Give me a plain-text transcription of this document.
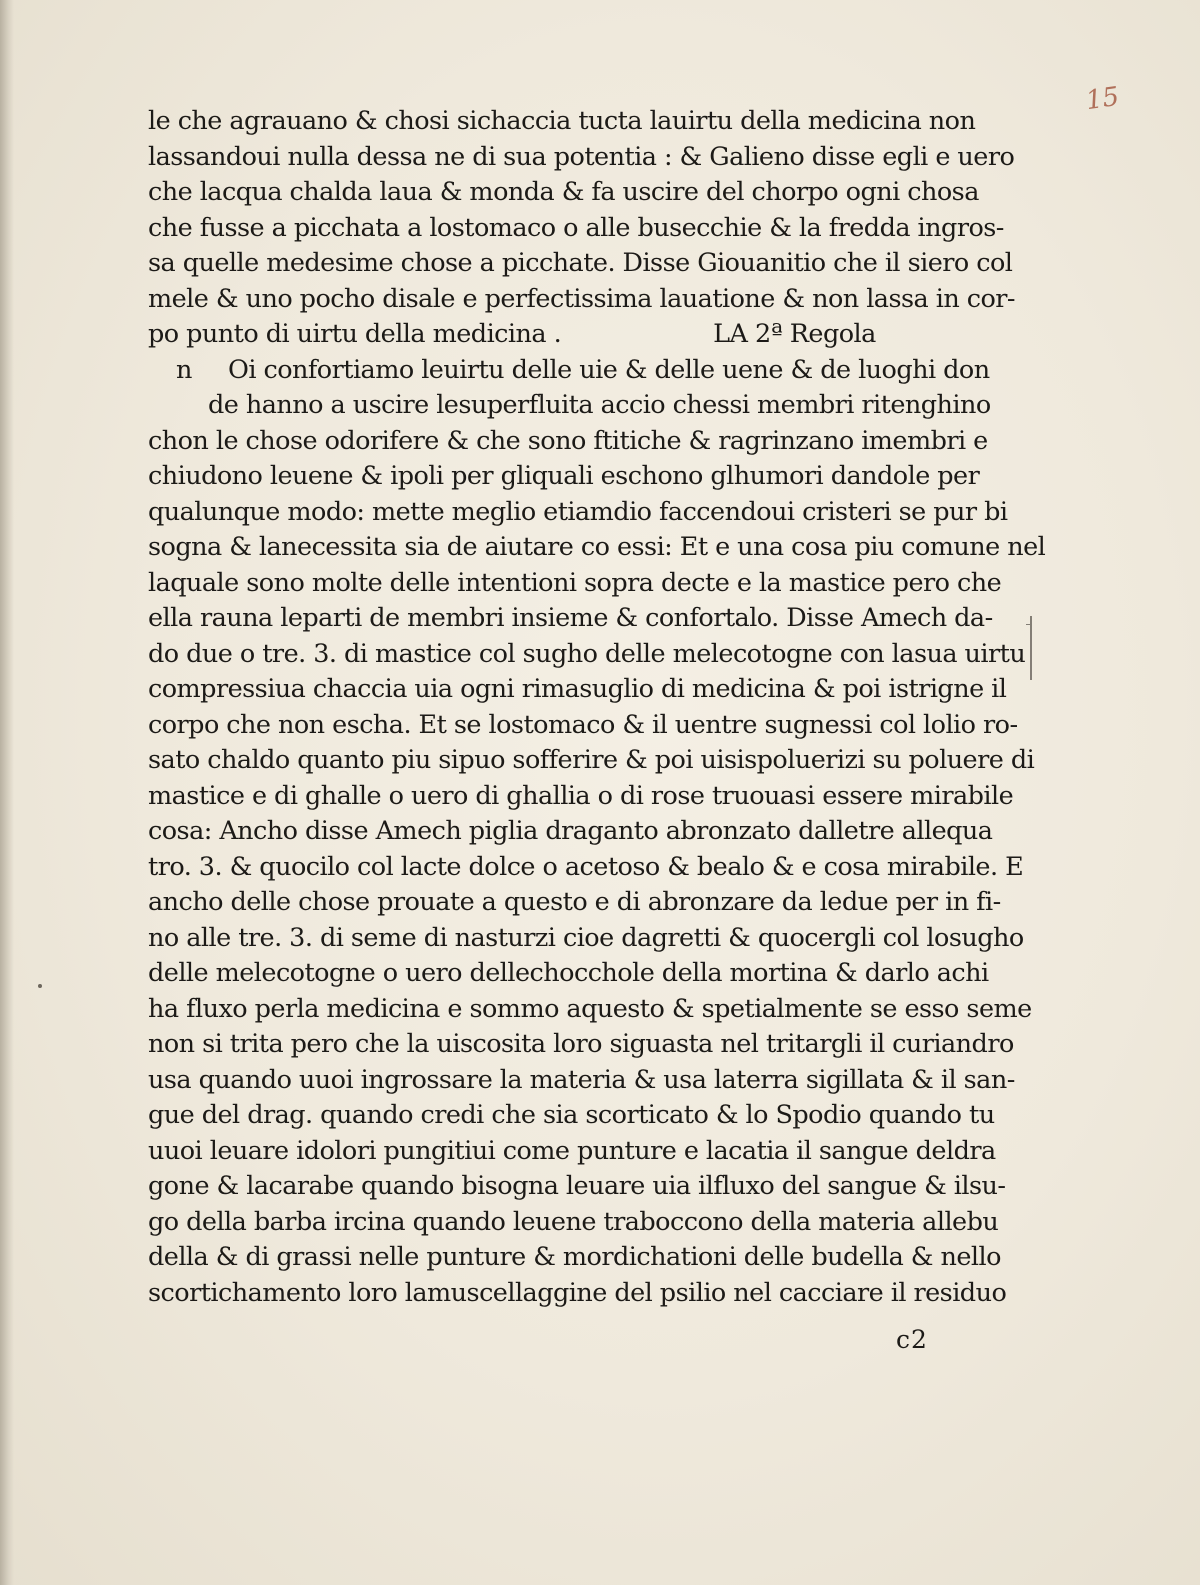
15
le che agrauano & chosi sichaccia tucta lauirtu della medicina non
lassandoui nulla dessa ne di sua potentia : & Galieno disse egli e uero
che lacqua chalda laua & monda & fa uscire del chorpo ogni chosa
che fusse a picchata a lostomaco o alle busecchie & la fredda ingros-
sa quelle medesime chose a picchate. Disse Giouanitio che il siero col
mele & uno pocho disale e perfectissima lauatione & non lassa in cor-
po punto di uirtu della medicina .	LA 2ª Regola
n Oi confortiamo leuirtu delle uie & delle uene & de luoghi don
de hanno a uscire lesuperfluita accio chessi membri ritenghino
chon le chose odorifere & che sono ftitiche & ragrinzano imembri e
chiudono leuene & ipoli per gliquali eschono glhumori dandole per
qualunque modo: mette meglio etiamdio faccendoui cristeri se pur bi
sogna & lanecessita sia de aiutare co essi: Et e una cosa piu comune nel
laquale sono molte delle intentioni sopra decte e la mastice pero che
ella rauna leparti de membri insieme & confortalo. Disse Amech da-
do due o tre. 3. di mastice col sugho delle melecotogne con lasua uirtu
compressiua chaccia uia ogni rimasuglio di medicina & poi istrigne il
corpo che non escha. Et se lostomaco & il uentre sugnessi col lolio ro-
sato chaldo quanto piu sipuo sofferire & poi uisispoluerizi su poluere di
mastice e di ghalle o uero di ghallia o di rose truouasi essere mirabile
cosa: Ancho disse Amech piglia draganto abronzato dalletre allequa
tro. 3. & quocilo col lacte dolce o acetoso & bealo & e cosa mirabile. E
ancho delle chose prouate a questo e di abronzare da ledue per in fi-
no alle tre. 3. di seme di nasturzi cioe dagretti & quocergli col losugho
delle melecotogne o uero dellechocchole della mortina & darlo achi
ha fluxo perla medicina e sommo aquesto & spetialmente se esso seme
non si trita pero che la uiscosita loro siguasta nel tritargli il curiandro
usa quando uuoi ingrossare la materia & usa laterra sigillata & il san-
gue del drag. quando credi che sia scorticato & lo Spodio quando tu
uuoi leuare idolori pungitiui come punture e lacatia il sangue deldra
gone & lacarabe quando bisogna leuare uia ilfluxo del sangue & ilsu-
go della barba ircina quando leuene traboccono della materia allebu
della & di grassi nelle punture & mordichationi delle budella & nello
scortichamento loro lamuscellaggine del psilio nel cacciare il residuo
c2
